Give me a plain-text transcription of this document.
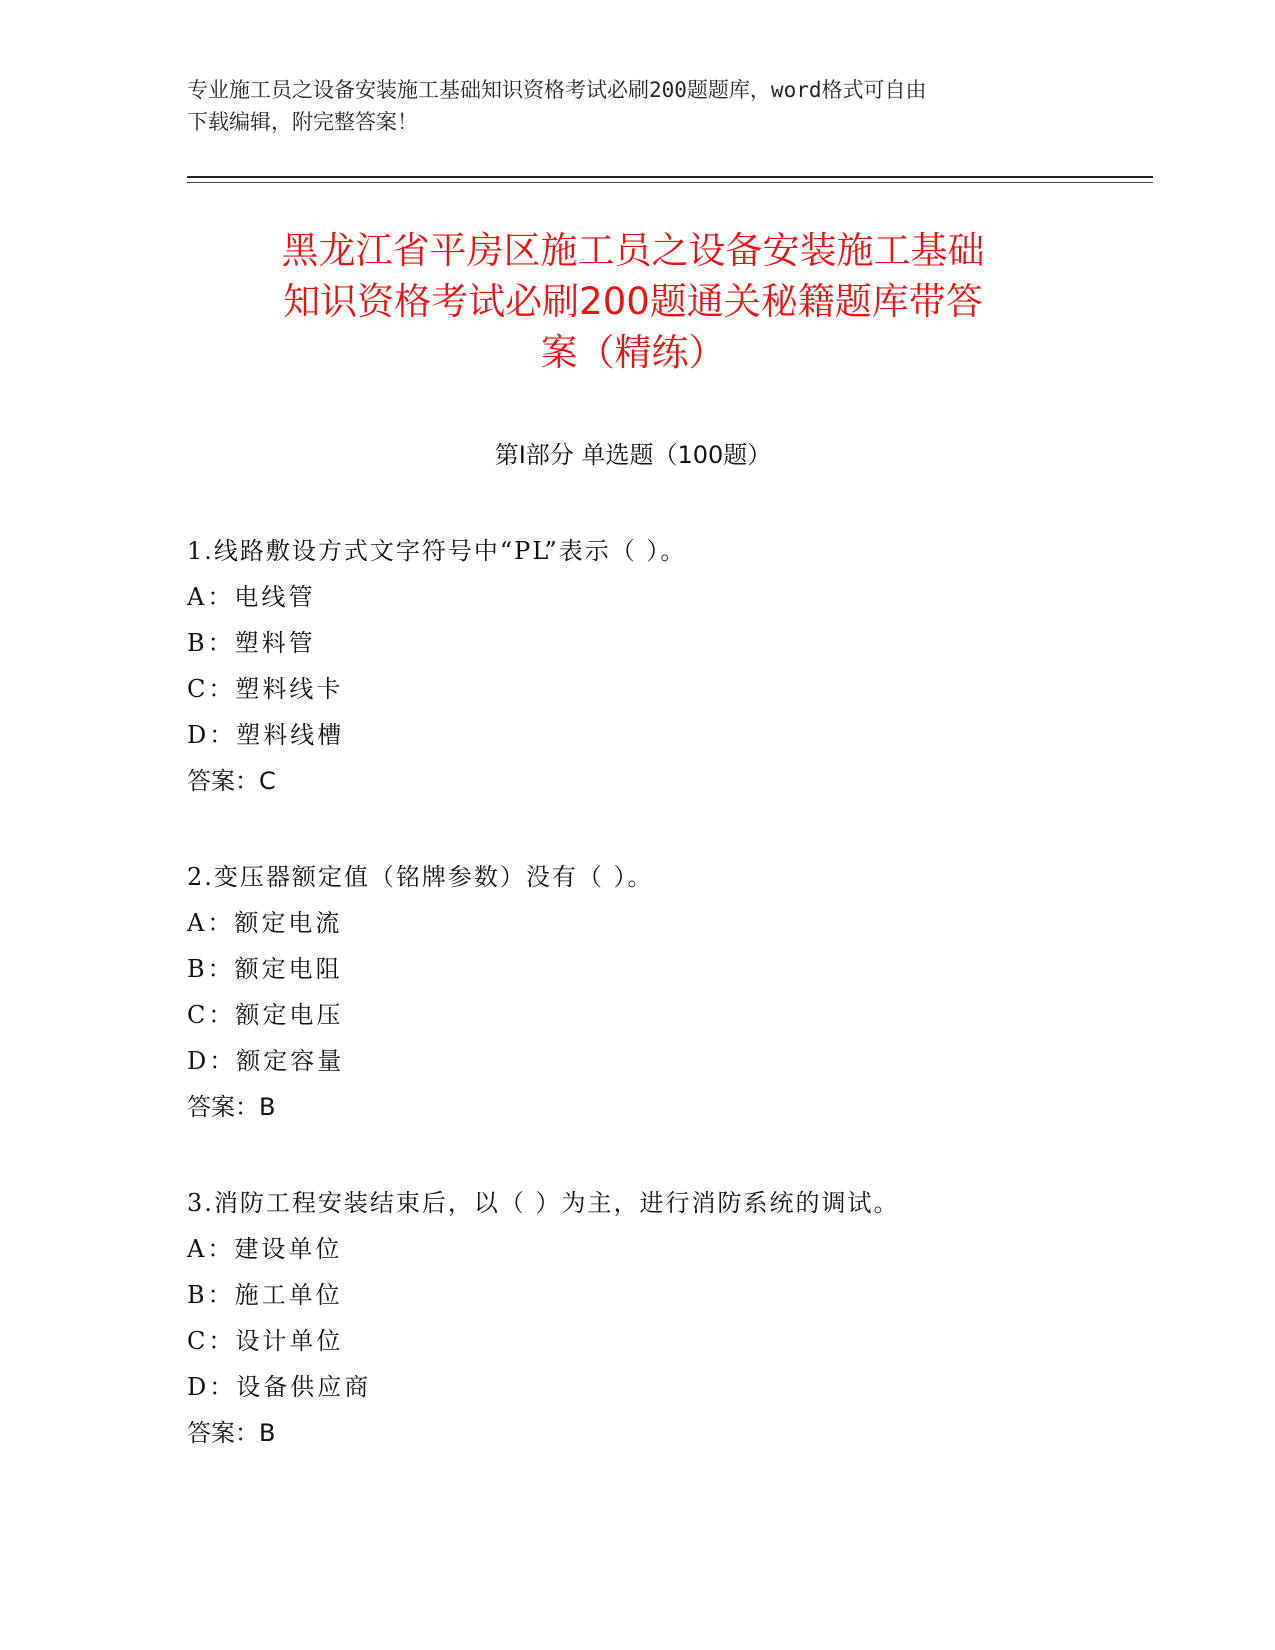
专业施工员之设备安装施工基础知识资格考试必刷200题题库，word格式可自由
下载编辑，附完整答案！
黑龙江省平房区施工员之设备安装施工基础
知识资格考试必刷200题通关秘籍题库带答
案（精练）
第Ⅰ部分 单选题（100题）
1.线路敷设方式文字符号中“PL”表示（ ）。
A：电线管
B：塑料管
C：塑料线卡
D：塑料线槽
答案：C
2.变压器额定值（铭牌参数）没有（ ）。
A：额定电流
B：额定电阻
C：额定电压
D：额定容量
答案：B
3.消防工程安装结束后，以（ ）为主，进行消防系统的调试。
A：建设单位
B：施工单位
C：设计单位
D：设备供应商
答案：B
